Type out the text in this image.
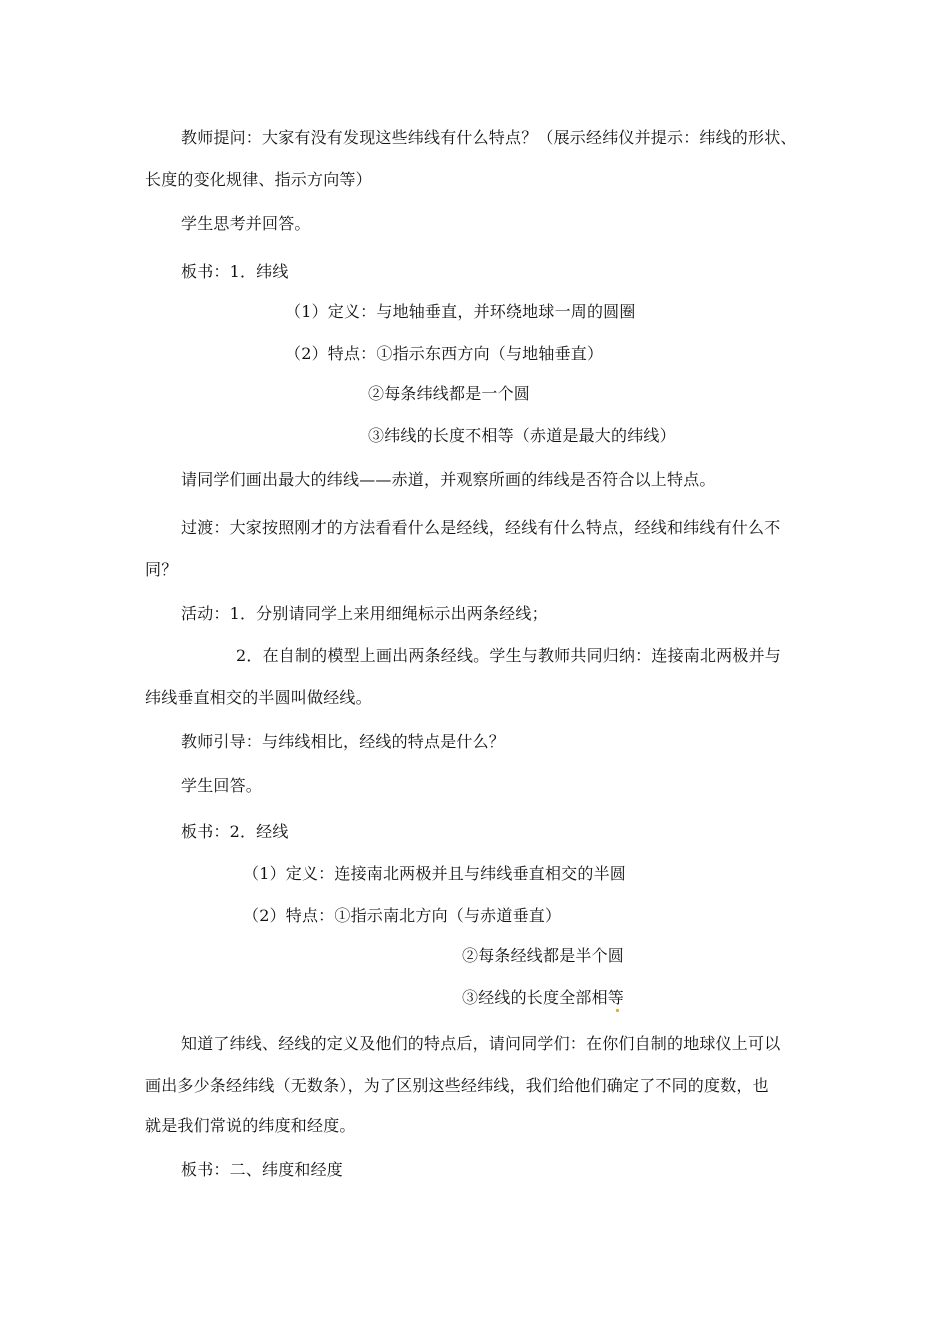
教师提问：大家有没有发现这些纬线有什么特点？（展示经纬仪并提示：纬线的形状、
长度的变化规律、指示方向等）
学生思考并回答。
板书：1．纬线
（1）定义：与地轴垂直，并环绕地球一周的圆圈
（2）特点：①指示东西方向（与地轴垂直）
②每条纬线都是一个圆
③纬线的长度不相等（赤道是最大的纬线）
请同学们画出最大的纬线——赤道，并观察所画的纬线是否符合以上特点。
过渡：大家按照刚才的方法看看什么是经线，经线有什么特点，经线和纬线有什么不
同？
活动：1．分别请同学上来用细绳标示出两条经线；
2．在自制的模型上画出两条经线。学生与教师共同归纳：连接南北两极并与
纬线垂直相交的半圆叫做经线。
教师引导：与纬线相比，经线的特点是什么？
学生回答。
板书：2．经线
（1）定义：连接南北两极并且与纬线垂直相交的半圆
（2）特点：①指示南北方向（与赤道垂直）
②每条经线都是半个圆
③经线的长度全部相等
知道了纬线、经线的定义及他们的特点后，请问同学们：在你们自制的地球仪上可以
画出多少条经纬线（无数条），为了区别这些经纬线，我们给他们确定了不同的度数，也
就是我们常说的纬度和经度。
板书：二、纬度和经度
